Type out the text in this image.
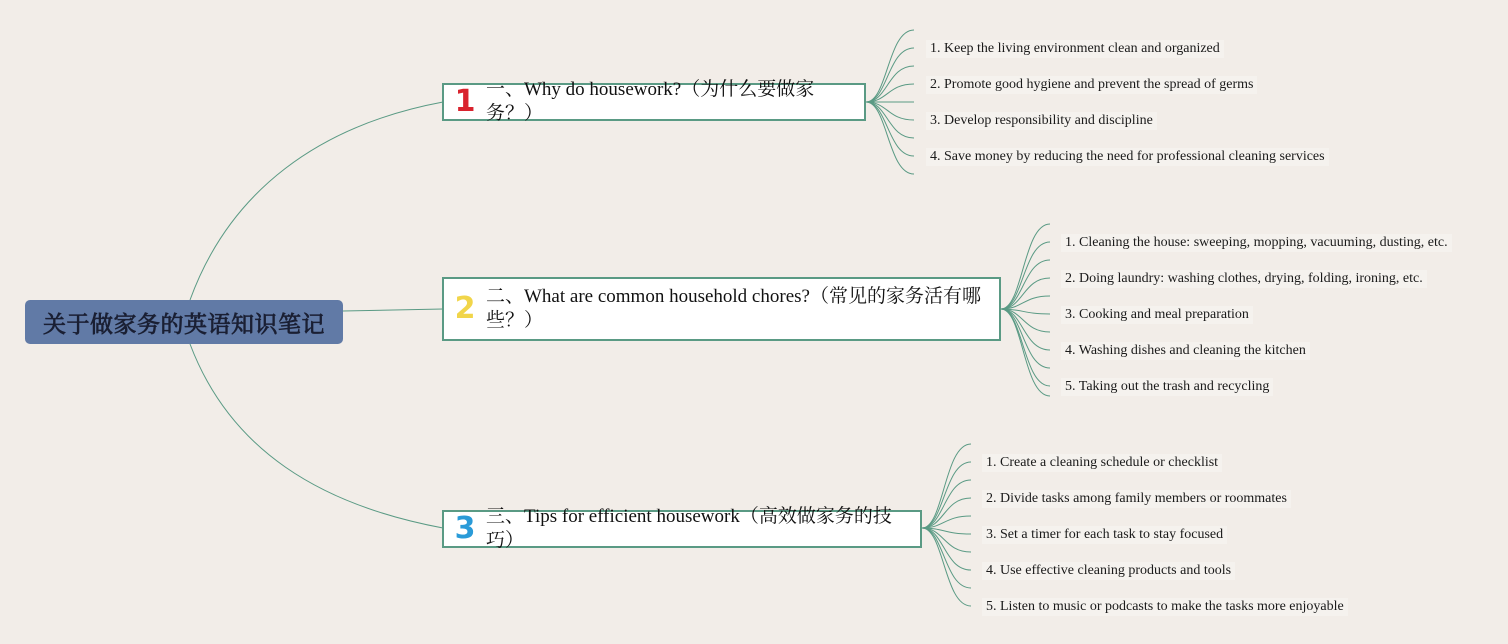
关于做家务的英语知识笔记
1 一、Why do housework?（为什么要做家务？）
2 二、What are common household chores?（常见的家务活有哪些？）
3 三、Tips for efficient housework（高效做家务的技巧）
1. Keep the living environment clean and organized
2. Promote good hygiene and prevent the spread of germs
3. Develop responsibility and discipline
4. Save money by reducing the need for professional cleaning services
1. Cleaning the house: sweeping, mopping, vacuuming, dusting, etc.
2. Doing laundry: washing clothes, drying, folding, ironing, etc.
3. Cooking and meal preparation
4. Washing dishes and cleaning the kitchen
5. Taking out the trash and recycling
1. Create a cleaning schedule or checklist
2. Divide tasks among family members or roommates
3. Set a timer for each task to stay focused
4. Use effective cleaning products and tools
5. Listen to music or podcasts to make the tasks more enjoyable
